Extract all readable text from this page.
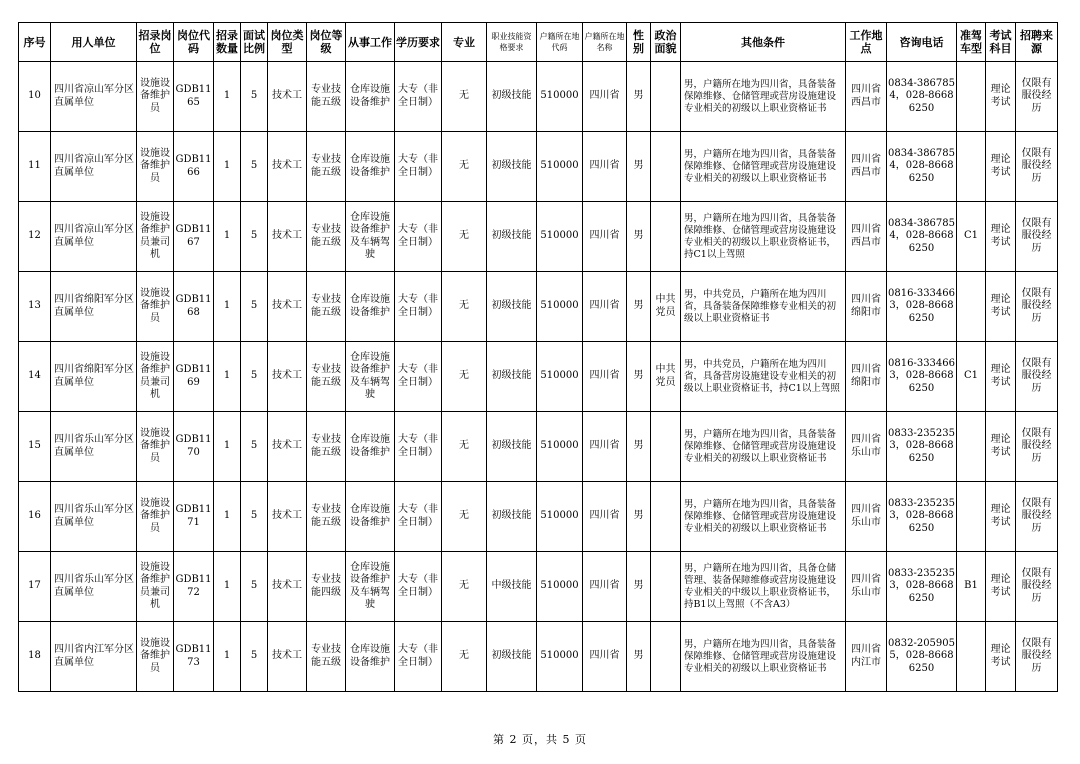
序号	用人单位	招录岗位	岗位代码	招录数量	面试比例	岗位类型	岗位等级	从事工作	学历要求	专业	职业技能资格要求	户籍所在地代码	户籍所在地名称	性别	政治面貌	其他条件	工作地点	咨询电话	准驾车型	考试科目	招聘来源
10	四川省凉山军分区直属单位	设施设备维护员	GDB1165	1	5	技术工	专业技能五级	仓库设施设备维护	大专（非全日制）	无	初级技能	510000	四川省	男		男，户籍所在地为四川省，具备装备保障维修、仓储管理或营房设施建设专业相关的初级以上职业资格证书	四川省西昌市	0834-3867854，028-86686250		理论考试	仅限有服役经历
11	四川省凉山军分区直属单位	设施设备维护员	GDB1166	1	5	技术工	专业技能五级	仓库设施设备维护	大专（非全日制）	无	初级技能	510000	四川省	男		男，户籍所在地为四川省，具备装备保障维修、仓储管理或营房设施建设专业相关的初级以上职业资格证书	四川省西昌市	0834-3867854，028-86686250		理论考试	仅限有服役经历
12	四川省凉山军分区直属单位	设施设备维护员兼司机	GDB1167	1	5	技术工	专业技能五级	仓库设施设备维护及车辆驾驶	大专（非全日制）	无	初级技能	510000	四川省	男		男，户籍所在地为四川省，具备装备保障维修、仓储管理或营房设施建设专业相关的初级以上职业资格证书，持C1以上驾照	四川省西昌市	0834-3867854，028-86686250	C1	理论考试	仅限有服役经历
13	四川省绵阳军分区直属单位	设施设备维护员	GDB1168	1	5	技术工	专业技能五级	仓库设施设备维护	大专（非全日制）	无	初级技能	510000	四川省	男	中共党员	男，中共党员，户籍所在地为四川省，具备装备保障维修专业相关的初级以上职业资格证书	四川省绵阳市	0816-3334663，028-86686250		理论考试	仅限有服役经历
14	四川省绵阳军分区直属单位	设施设备维护员兼司机	GDB1169	1	5	技术工	专业技能五级	仓库设施设备维护及车辆驾驶	大专（非全日制）	无	初级技能	510000	四川省	男	中共党员	男，中共党员，户籍所在地为四川省，具备营房设施建设专业相关的初级以上职业资格证书，持C1以上驾照	四川省绵阳市	0816-3334663，028-86686250	C1	理论考试	仅限有服役经历
15	四川省乐山军分区直属单位	设施设备维护员	GDB1170	1	5	技术工	专业技能五级	仓库设施设备维护	大专（非全日制）	无	初级技能	510000	四川省	男		男，户籍所在地为四川省，具备装备保障维修、仓储管理或营房设施建设专业相关的初级以上职业资格证书	四川省乐山市	0833-2352353，028-86686250		理论考试	仅限有服役经历
16	四川省乐山军分区直属单位	设施设备维护员	GDB1171	1	5	技术工	专业技能五级	仓库设施设备维护	大专（非全日制）	无	初级技能	510000	四川省	男		男，户籍所在地为四川省，具备装备保障维修、仓储管理或营房设施建设专业相关的初级以上职业资格证书	四川省乐山市	0833-2352353，028-86686250		理论考试	仅限有服役经历
17	四川省乐山军分区直属单位	设施设备维护员兼司机	GDB1172	1	5	技术工	专业技能四级	仓库设施设备维护及车辆驾驶	大专（非全日制）	无	中级技能	510000	四川省	男		男，户籍所在地为四川省，具备仓储管理、装备保障维修或营房设施建设专业相关的中级以上职业资格证书，持B1以上驾照（不含A3）	四川省乐山市	0833-2352353，028-86686250	B1	理论考试	仅限有服役经历
18	四川省内江军分区直属单位	设施设备维护员	GDB1173	1	5	技术工	专业技能五级	仓库设施设备维护	大专（非全日制）	无	初级技能	510000	四川省	男		男，户籍所在地为四川省，具备装备保障维修、仓储管理或营房设施建设专业相关的初级以上职业资格证书	四川省内江市	0832-2059055，028-86686250		理论考试	仅限有服役经历
第 2 页，共 5 页
